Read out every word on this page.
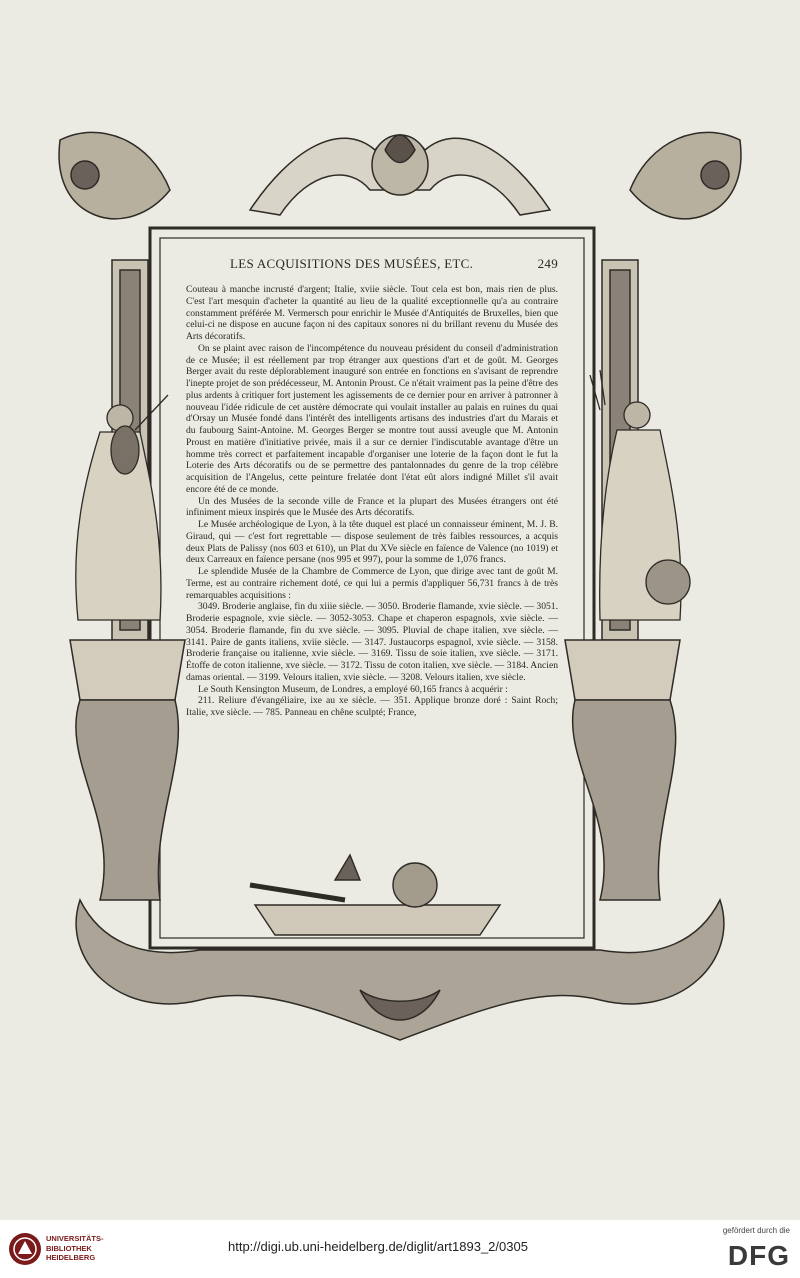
LES ACQUISITIONS DES MUSÉES, ETC.	249

Couteau à manche incrusté d'argent; Italie, xviie siècle. Tout cela est bon, mais rien de plus. C'est l'art mesquin d'acheter la quantité au lieu de la qualité exceptionnelle qu'a au contraire constamment préférée M. Vermersch pour enrichir le Musée d'Antiquités de Bruxelles, bien que celui-ci ne dispose en aucune façon ni des capitaux sonores ni du brillant revenu du Musée des Arts décoratifs.

On se plaint avec raison de l'incompétence du nouveau président du conseil d'administration de ce Musée; il est réellement par trop étranger aux questions d'art et de goût. M. Georges Berger avait du reste déplorablement inauguré son entrée en fonctions en s'avisant de reprendre l'inepte projet de son prédécesseur, M. Antonin Proust. Ce n'était vraiment pas la peine d'être des plus ardents à critiquer fort justement les agissements de ce dernier pour en arriver à patronner à nouveau l'idée ridicule de cet austère démocrate qui voulait installer au palais en ruines du quai d'Orsay un Musée fondé dans l'intérêt des intelligents artisans des industries d'art du Marais et du faubourg Saint-Antoine. M. Georges Berger se montre tout aussi aveugle que M. Antonin Proust en matière d'initiative privée, mais il a sur ce dernier l'indiscutable avantage d'être un homme très correct et parfaitement incapable d'organiser une loterie de la façon dont le fut la Loterie des Arts décoratifs ou de se permettre des pantalonnades du genre de la trop célèbre acquisition de l'Angelus, cette peinture frelatée dont l'état eût alors indigné Millet s'il avait encore été de ce monde.

Un des Musées de la seconde ville de France et la plupart des Musées étrangers ont été infiniment mieux inspirés que le Musée des Arts décoratifs.

Le Musée archéologique de Lyon, à la tête duquel est placé un connaisseur éminent, M. J. B. Giraud, qui — c'est fort regrettable — dispose seulement de très faibles ressources, a acquis deux Plats de Palissy (nos 603 et 610), un Plat du XVe siècle en faïence de Valence (no 1019) et deux Carreaux en faïence persane (nos 995 et 997), pour la somme de 1,076 francs.

Le splendide Musée de la Chambre de Commerce de Lyon, que dirige avec tant de goût M. Terme, est au contraire richement doté, ce qui lui a permis d'appliquer 56,731 francs à de très remarquables acquisitions :

3049. Broderie anglaise, fin du xiiie siècle. — 3050. Broderie flamande, xvie siècle. — 3051. Broderie espagnole, xvie siècle. — 3052-3053. Chape et chaperon espagnols, xvie siècle. — 3054. Broderie flamande, fin du xve siècle. — 3095. Pluvial de chape italien, xve siècle. — 3141. Paire de gants italiens, xviie siècle. — 3147. Justaucorps espagnol, xvie siècle. — 3158. Broderie française ou italienne, xvie siècle. — 3169. Tissu de soie italien, xve siècle. — 3171. Étoffe de coton italienne, xve siècle. — 3172. Tissu de coton italien, xve siècle. — 3184. Ancien damas oriental. — 3199. Velours italien, xvie siècle. — 3208. Velours italien, xve siècle.

Le South Kensington Museum, de Londres, a employé 60,165 francs à acquérir :

211. Reliure d'évangéliaire, ixe au xe siècle. — 351. Applique bronze doré : Saint Roch; Italie, xve siècle. — 785. Panneau en chêne sculpté; France,

UNIVERSITÄTS-
BIBLIOTHEK
HEIDELBERG
http://digi.ub.uni-heidelberg.de/diglit/art1893_2/0305
gefördert durch die
DFG
